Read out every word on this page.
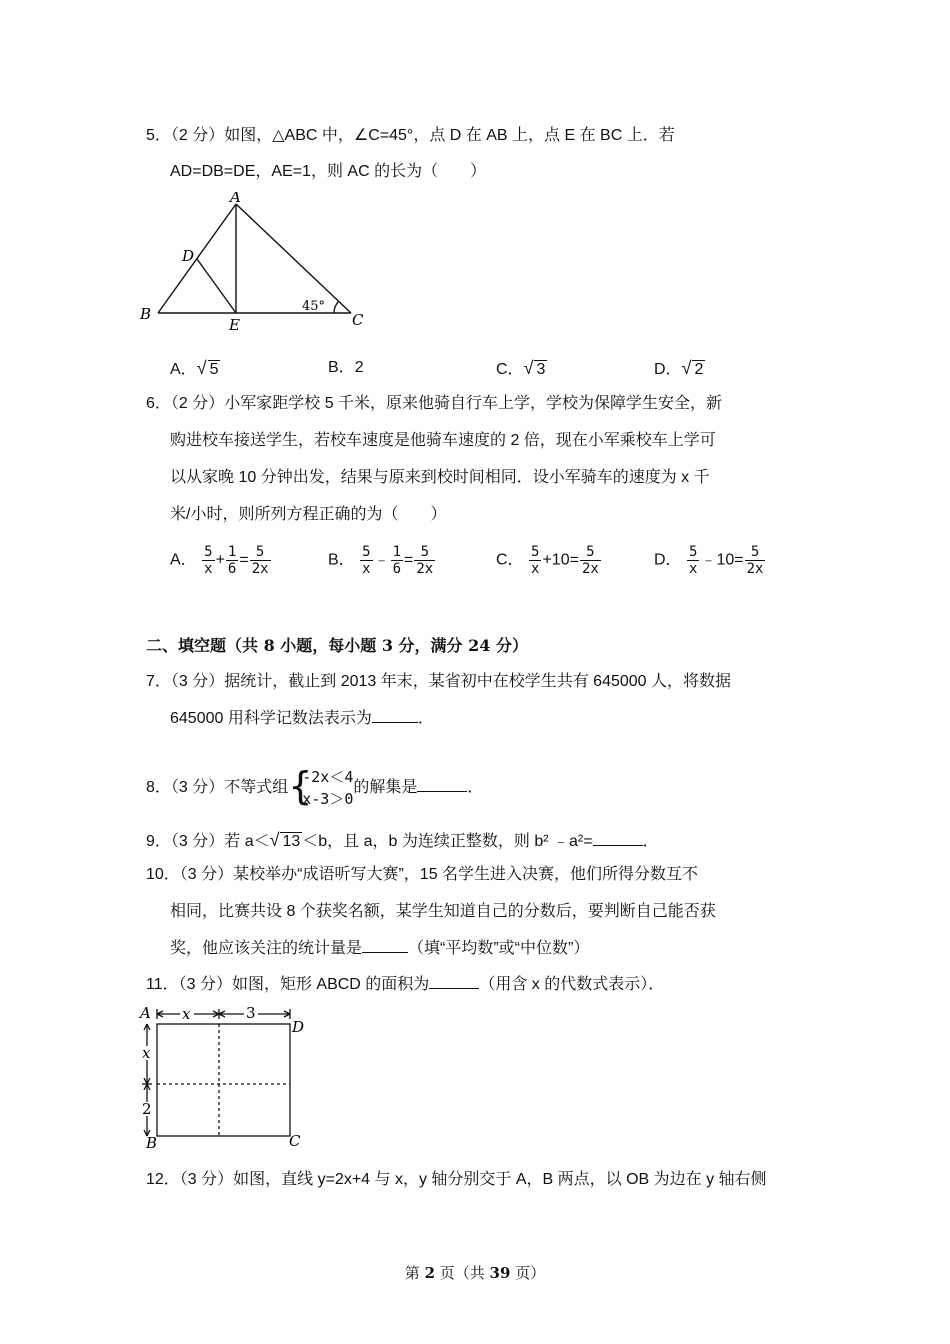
5．（2 分）如图，△ABC 中，∠C=45°，点 D 在 AB 上，点 E 在 BC 上．若
AD=DB=DE，AE=1，则 AC 的长为（　　）
A
D
B
E	C
45°
A．√ 5	B．2	C．√ 3	D．√ 2
6．（2 分）小军家距学校 5 千米，原来他骑自行车上学，学校为保障学生安全，新
购进校车接送学生，若校车速度是他骑车速度的 2 倍，现在小军乘校车上学可
以从家晚 10 分钟出发，结果与原来到校时间相同．设小军骑车的速度为 x 千
米/小时，则所列方程正确的为（　　）
A． $\frac{5}{x} + \frac{1}{6} = \frac{5}{2x}$	B． $\frac{5}{x}$ ﹣ $\frac{1}{6} = \frac{5}{2x}$	C． $\frac{5}{x} +10= \frac{5}{2x}$	D． $\frac{5}{x}$ ﹣10= $\frac{5}{2x}$
二、填空题（共 8 小题，每小题 3 分，满分 24 分）
7．（3 分）据统计，截止到 2013 年末，某省初中在校学生共有 645000 人，将数据
645000 用科学记数法表示为	．
8．（3 分）不等式组 {
-2x＜4
x-3＞0
的解集是	．
9．（3 分）若 a＜√ 13 ＜b，且 a，b 为连续正整数，则 b² ﹣a²=	．
10．（3 分）某校举办“成语听写大赛”，15 名学生进入决赛，他们所得分数互不
相同，比赛共设 8 个获奖名额，某学生知道自己的分数后，要判断自己能否获
奖，他应该关注的统计量是	（填“平均数”或“中位数”）
11．（3 分）如图，矩形 ABCD 的面积为	（用含 x 的代数式表示）．
x	3
x
2
A
D
B	C
12．（3 分）如图，直线 y=2x+4 与 x，y 轴分别交于 A，B 两点，以 OB 为边在 y 轴右侧
第 2 页（共 39 页）
